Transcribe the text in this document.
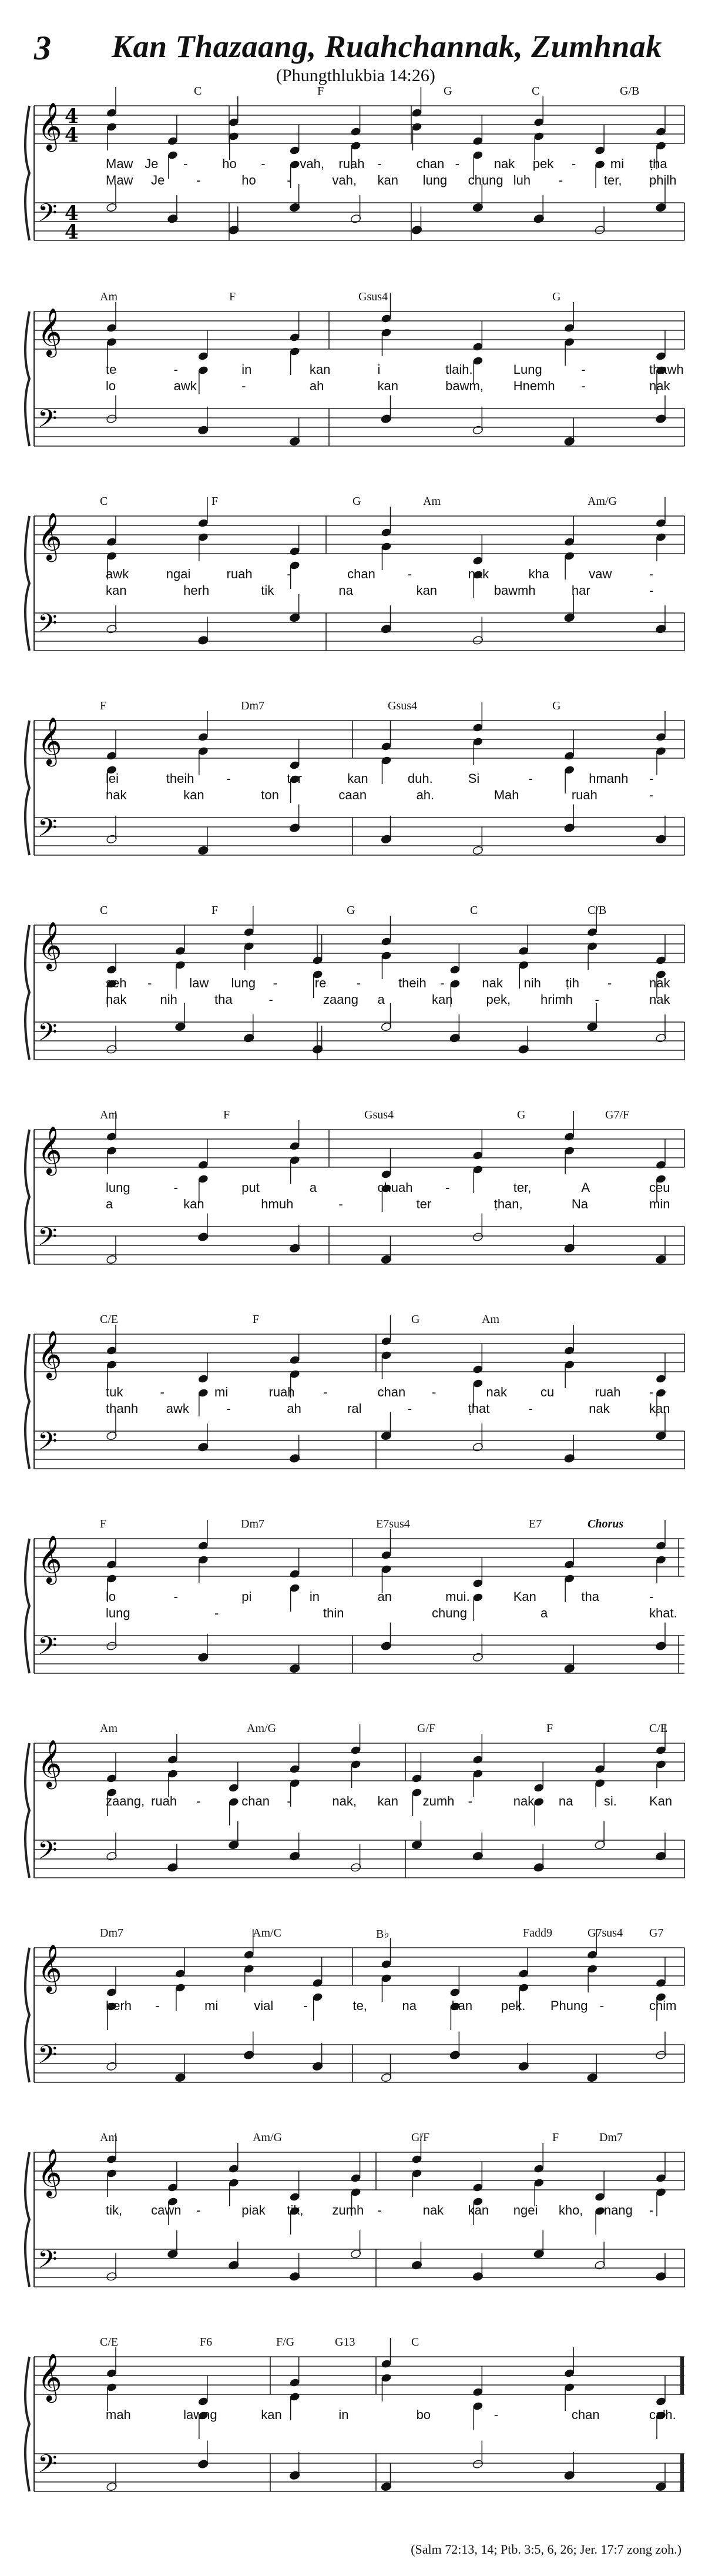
3 Kan Thazaang, Ruahchannak, Zumhnak
(Phungthlukbia 14:26)
𝄞
𝄢
4
4
4
4
C	F	G	C	G/B
Maw Je -	ho -	vah, ruah -	chan -	nak pek -	mi ṭha
Maw Je -	ho -	vah, kan lung chung luh -	ter, philh
𝄞
𝄢
Am	F	Gsus4	G
te	-	in	kan	i	tlaih.	Lung	-	thawh
lo	awk	-	ah	kan	bawm, Hnemh -	nak
𝄞
𝄢
C	F	G	Am	Am/G
awk	ngai	ruah	-	chan	-	nak	kha	vaw	-
kan	herh	tik	na	kan	bawmh	har	-
𝄞
𝄢
F	Dm7	Gsus4	G
lei	theih	-	ter	kan	duh.	Si	-	hmanh -
nak	kan	ton	caan	ah.	Mah	ruah	-
𝄞
𝄢
C	F	G	C	C/B
seh -	law lung -	re -	theih -	nak nih ṭih -	nak
nak	nih	tha	-	zaang a	kan	pek, hrimh -	nak
𝄞
𝄢
Am	F	Gsus4	G	G7/F
lung	-	put	a	chuah	-	ter,	A	ceu
a	kan	hmuh	-	ter	ṭhan,	Na	min
𝄞
𝄢
C/E	F	G	Am
tuk	-	mi	ruah -	chan -	nak	cu	ruah -
thanh awk	-	ah	ral	-	ṭhat	-	nak	kan
𝄞
𝄢
F	Dm7	E7sus4	E7	Chorus
lo	-	pi	in	an	mui.	Kan	tha	-
lung	-	thin	chung	a	khat.
𝄞
𝄢
Am	Am/G	G/F	F	C/E
zaang, ruah -	chan -	nak, kan zumh -	nak na si.	Kan
𝄞
𝄢
Dm7	Am/C	B♭	Fadd9	G7sus4 G7
herh -	mi	vial -	te,	na	kan pek. Phung -	chim
𝄞
𝄢
Am	Am/G	G/F	F	Dm7
tik, cawn -	piak tik, zumh -	nak kan ngei kho, nang -
𝄞
𝄢
C/E	F6	F/G	G13	C
mah	lawng	kan	in	bo	-	chan	ca'h.
(Salm 72:13, 14; Ptb. 3:5, 6, 26; Jer. 17:7 zong zoh.)
